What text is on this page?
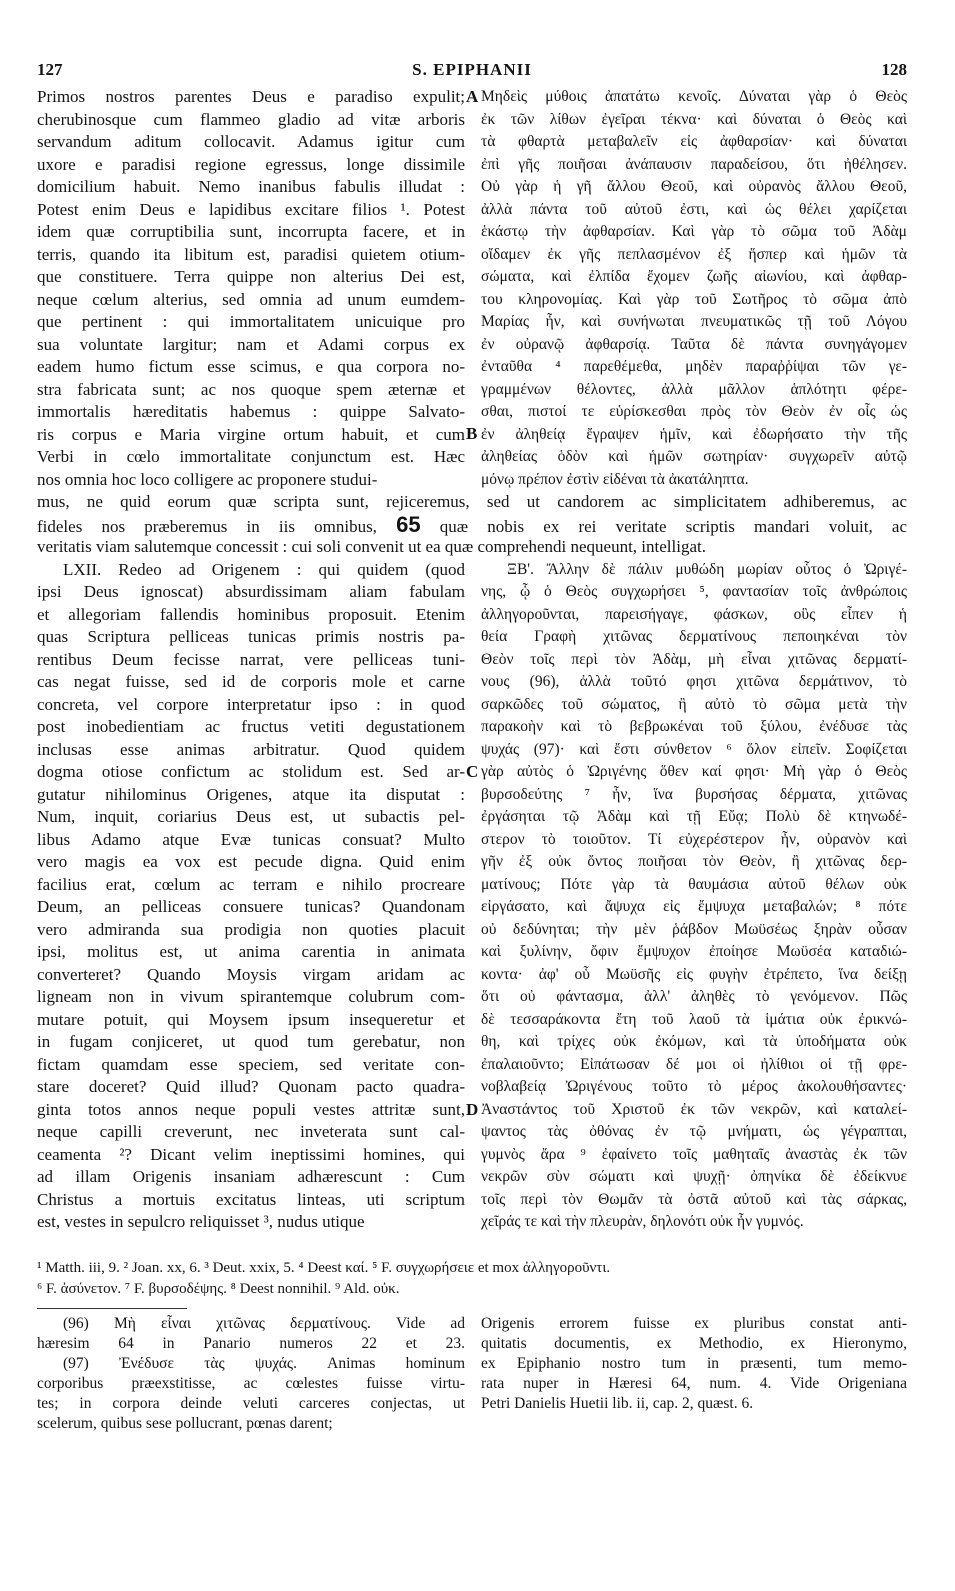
127	S. EPIPHANII	128
Primos nostros parentes Deus e paradiso expulit;
cherubinosque cum flammeo gladio ad vitæ arboris
servandum aditum collocavit. Adamus igitur cum
uxore e paradisi regione egressus, longe dissimile
domicilium habuit. Nemo inanibus fabulis illudat :
Potest enim Deus e lapidibus excitare filios ¹. Potest
idem quæ corruptibilia sunt, incorrupta facere, et in
terris, quando ita libitum est, paradisi quietem otium-
que constituere. Terra quippe non alterius Dei est,
neque cœlum alterius, sed omnia ad unum eumdem-
que pertinent : qui immortalitatem unicuique pro
sua voluntate largitur; nam et Adami corpus ex
eadem humo fictum esse scimus, e qua corpora no-
stra fabricata sunt; ac nos quoque spem æternæ et
immortalis hæreditatis habemus : quippe Salvato-
ris corpus e Maria virgine ortum habuit, et cum
Verbi in cœlo immortalitate conjunctum est. Hæc
nos omnia hoc loco colligere ac proponere studui-
A
B
Μηδεὶς μύθοις ἀπατάτω κενοῖς. Δύναται γὰρ ὁ Θεὸς
ἐκ τῶν λίθων ἐγεῖραι τέκνα· καὶ δύναται ὁ Θεὸς καὶ
τὰ φθαρτὰ μεταβαλεῖν εἰς ἀφθαρσίαν· καὶ δύναται
ἐπὶ γῆς ποιῆσαι ἀνάπαυσιν παραδείσου, ὅτι ἠθέλησεν.
Οὐ γὰρ ἡ γῆ ἄλλου Θεοῦ, καὶ οὐρανὸς ἄλλου Θεοῦ,
ἀλλὰ πάντα τοῦ αὐτοῦ ἐστι, καὶ ὡς θέλει χαρίζεται
ἑκάστῳ τὴν ἀφθαρσίαν. Καὶ γὰρ τὸ σῶμα τοῦ Ἀδὰμ
οἴδαμεν ἐκ γῆς πεπλασμένον ἐξ ἥσπερ καὶ ἡμῶν τὰ
σώματα, καὶ ἐλπίδα ἔχομεν ζωῆς αἰωνίου, καὶ ἀφθαρ-
του κληρονομίας. Καὶ γὰρ τοῦ Σωτῆρος τὸ σῶμα ἀπὸ
Μαρίας ἦν, καὶ συνήνωται πνευματικῶς τῇ τοῦ Λόγου
ἐν οὐρανῷ ἀφθαρσίᾳ. Ταῦτα δὲ πάντα συνηγάγομεν
ἐνταῦθα ⁴ παρεθέμεθα, μηδὲν παραῤῥίψαι τῶν γε-
γραμμένων θέλοντες, ἀλλὰ μᾶλλον ἁπλότητι φέρε-
σθαι, πιστοί τε εὑρίσκεσθαι πρὸς τὸν Θεὸν ἐν οἷς ὡς
ἐν ἀληθείᾳ ἔγραψεν ἡμῖν, καὶ ἐδωρήσατο τὴν τῆς
ἀληθείας ὁδὸν καὶ ἡμῶν σωτηρίαν· συγχωρεῖν αὐτῷ
μόνῳ πρέπον ἐστὶν εἰδέναι τὰ ἀκατάληπτα.
mus, ne quid eorum quæ scripta sunt, rejiceremus, sed ut candorem ac simplicitatem adhiberemus, ac
fideles nos præberemus in iis omnibus, 65 quæ nobis ex rei veritate scriptis mandari voluit, ac
veritatis viam salutemque concessit : cui soli convenit ut ea quæ comprehendi nequeunt, intelligat.
LXII. Redeo ad Origenem : qui quidem (quod
ipsi Deus ignoscat) absurdissimam aliam fabulam
et allegoriam fallendis hominibus proposuit. Etenim
quas Scriptura pelliceas tunicas primis nostris pa-
rentibus Deum fecisse narrat, vere pelliceas tuni-
cas negat fuisse, sed id de corporis mole et carne
concreta, vel corpore interpretatur ipso : in quod
post inobedientiam ac fructus vetiti degustationem
inclusas esse animas arbitratur. Quod quidem
dogma otiose confictum ac stolidum est. Sed ar-
gutatur nihilominus Origenes, atque ita disputat :
Num, inquit, coriarius Deus est, ut subactis pel-
libus Adamo atque Evæ tunicas consuat? Multo
vero magis ea vox est pecude digna. Quid enim
facilius erat, cœlum ac terram e nihilo procreare
Deum, an pelliceas consuere tunicas? Quandonam
vero admiranda sua prodigia non quoties placuit
ipsi, molitus est, ut anima carentia in animata
converteret? Quando Moysis virgam aridam ac
ligneam non in vivum spirantemque colubrum com-
mutare potuit, qui Moysem ipsum insequeretur et
in fugam conjiceret, ut quod tum gerebatur, non
fictam quamdam esse speciem, sed veritate con-
stare doceret? Quid illud? Quonam pacto quadra-
ginta totos annos neque populi vestes attritæ sunt,
neque capilli creverunt, nec inveterata sunt cal-
ceamenta ²? Dicant velim ineptissimi homines, qui
ad illam Origenis insaniam adhærescunt : Cum
Christus a mortuis excitatus linteas, uti scriptum
est, vestes in sepulcro reliquisset ³, nudus utique
C
D
ΞΒ'. Ἄλλην δὲ πάλιν μυθώδη μωρίαν οὗτος ὁ Ὠριγέ-
νης, ᾧ ὁ Θεὸς συγχωρήσει ⁵, φαντασίαν τοῖς ἀνθρώποις
ἀλληγοροῦνται, παρεισήγαγε, φάσκων, οὓς εἶπεν ἡ
θεία Γραφὴ χιτῶνας δερματίνους πεποιηκέναι τὸν
Θεὸν τοῖς περὶ τὸν Ἀδὰμ, μὴ εἶναι χιτῶνας δερματί-
νους (96), ἀλλὰ τοῦτό φησι χιτῶνα δερμάτινον, τὸ
σαρκῶδες τοῦ σώματος, ἢ αὐτὸ τὸ σῶμα μετὰ τὴν
παρακοὴν καὶ τὸ βεβρωκέναι τοῦ ξύλου, ἐνέδυσε τὰς
ψυχάς (97)· καὶ ἔστι σύνθετον ⁶ ὅλον εἰπεῖν. Σοφίζεται
γὰρ αὐτὸς ὁ Ὠριγένης ὅθεν καί φησι· Μὴ γὰρ ὁ Θεὸς
βυρσοδεύτης ⁷ ἦν, ἵνα βυρσήσας δέρματα, χιτῶνας
ἐργάσηται τῷ Ἀδὰμ καὶ τῇ Εὔᾳ; Πολὺ δὲ κτηνωδέ-
στερον τὸ τοιοῦτον. Τί εὐχερέστερον ἦν, οὐρανὸν καὶ
γῆν ἐξ οὐκ ὄντος ποιῆσαι τὸν Θεὸν, ἢ χιτῶνας δερ-
ματίνους; Πότε γὰρ τὰ θαυμάσια αὐτοῦ θέλων οὐκ
εἰργάσατο, καὶ ἄψυχα εἰς ἔμψυχα μεταβαλών; ⁸ πότε
οὐ δεδύνηται; τὴν μὲν ῥάβδον Μωϋσέως ξηρὰν οὖσαν
καὶ ξυλίνην, ὄφιν ἔμψυχον ἐποίησε Μωϋσέα καταδιώ-
κοντα· ἀφ' οὗ Μωϋσῆς εἰς φυγὴν ἐτρέπετο, ἵνα δείξῃ
ὅτι οὐ φάντασμα, ἀλλ' ἀληθὲς τὸ γενόμενον. Πῶς
δὲ τεσσαράκοντα ἔτη τοῦ λαοῦ τὰ ἱμάτια οὐκ ἐρικνώ-
θη, καὶ τρίχες οὐκ ἐκόμων, καὶ τὰ ὑποδήματα οὐκ
ἐπαλαιοῦντο; Εἰπάτωσαν δέ μοι οἱ ἠλίθιοι οἱ τῇ φρε-
νοβλαβείᾳ Ὠριγένους τοῦτο τὸ μέρος ἀκολουθήσαντες·
Ἀναστάντος τοῦ Χριστοῦ ἐκ τῶν νεκρῶν, καὶ καταλεί-
ψαντος τὰς ὀθόνας ἐν τῷ μνήματι, ὡς γέγραπται,
γυμνὸς ἄρα ⁹ ἐφαίνετο τοῖς μαθηταῖς ἀναστὰς ἐκ τῶν
νεκρῶν σὺν σώματι καὶ ψυχῇ· ὀπηνίκα δὲ ἐδείκνυε
τοῖς περὶ τὸν Θωμᾶν τὰ ὀστᾶ αὐτοῦ καὶ τὰς σάρκας,
χεῖράς τε καὶ τὴν πλευρὰν, δηλονότι οὐκ ἦν γυμνός.
¹ Matth. iii, 9. ² Joan. xx, 6. ³ Deut. xxix, 5. ⁴ Deest καί. ⁵ F. συγχωρήσειε et mox ἀλληγοροῦντι.
⁶ F. ἀσύνετον. ⁷ F. βυρσοδέψης. ⁸ Deest nonnihil. ⁹ Ald. οὐκ.
(96) Μὴ εἶναι χιτῶνας δερματίνους. Vide ad
hæresim 64 in Panario numeros 22 et 23.
(97) Ἐνέδυσε τὰς ψυχάς. Animas hominum
corporibus præexstitisse, ac cœlestes fuisse virtu-
tes; in corpora deinde veluti carceres conjectas, ut
scelerum, quibus sese pollucrant, pœnas darent;
Origenis errorem fuisse ex pluribus constat anti-
quitatis documentis, ex Methodio, ex Hieronymo,
ex Epiphanio nostro tum in præsenti, tum memo-
rata nuper in Hæresi 64, num. 4. Vide Origeniana
Petri Danielis Huetii lib. ii, cap. 2, quæst. 6.
